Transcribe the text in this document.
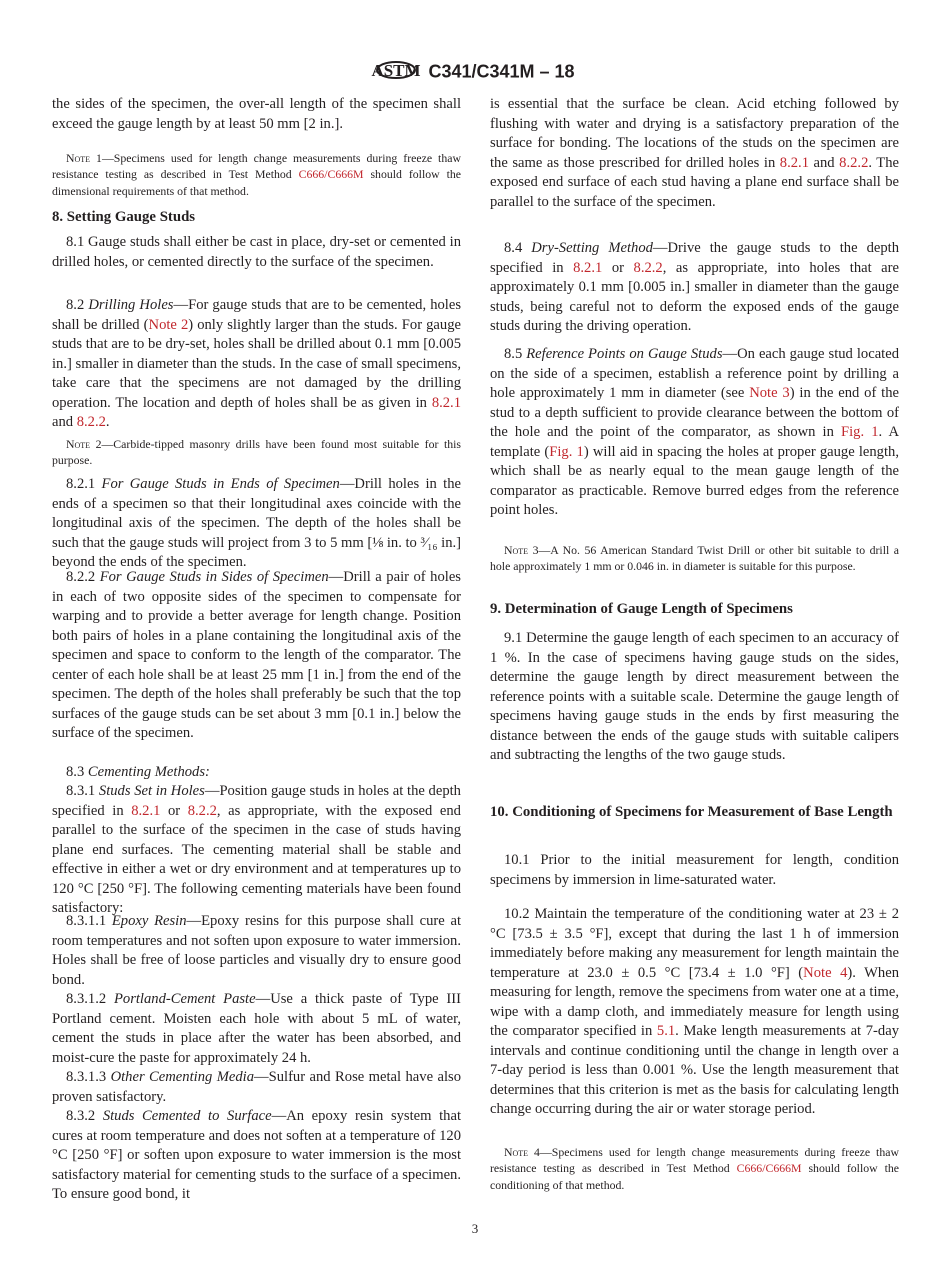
ASTM C341/C341M – 18
the sides of the specimen, the over-all length of the specimen shall exceed the gauge length by at least 50 mm [2 in.].
Note 1—Specimens used for length change measurements during freeze thaw resistance testing as described in Test Method C666/C666M should follow the dimensional requirements of that method.
8. Setting Gauge Studs
8.1 Gauge studs shall either be cast in place, dry-set or cemented in drilled holes, or cemented directly to the surface of the specimen.
8.2 Drilling Holes—For gauge studs that are to be cemented, holes shall be drilled (Note 2) only slightly larger than the studs. For gauge studs that are to be dry-set, holes shall be drilled about 0.1 mm [0.005 in.] smaller in diameter than the studs. In the case of small specimens, take care that the specimens are not damaged by the drilling operation. The location and depth of holes shall be as given in 8.2.1 and 8.2.2.
Note 2—Carbide-tipped masonry drills have been found most suitable for this purpose.
8.2.1 For Gauge Studs in Ends of Specimen—Drill holes in the ends of a specimen so that their longitudinal axes coincide with the longitudinal axis of the specimen. The depth of the holes shall be such that the gauge studs will project from 3 to 5 mm [⅛ in. to ³⁄₁₆ in.] beyond the ends of the specimen.
8.2.2 For Gauge Studs in Sides of Specimen—Drill a pair of holes in each of two opposite sides of the specimen to compensate for warping and to provide a better average for length change. Position both pairs of holes in a plane containing the longitudinal axis of the specimen and space to conform to the length of the comparator. The center of each hole shall be at least 25 mm [1 in.] from the end of the specimen. The depth of the holes shall preferably be such that the top surfaces of the gauge studs can be set about 3 mm [0.1 in.] below the surface of the specimen.
8.3 Cementing Methods:
8.3.1 Studs Set in Holes—Position gauge studs in holes at the depth specified in 8.2.1 or 8.2.2, as appropriate, with the exposed end parallel to the surface of the specimen in the case of studs having plane end surfaces. The cementing material shall be stable and effective in either a wet or dry environment and at temperatures up to 120 °C [250 °F]. The following cementing materials have been found satisfactory:
8.3.1.1 Epoxy Resin—Epoxy resins for this purpose shall cure at room temperatures and not soften upon exposure to water immersion. Holes shall be free of loose particles and visually dry to ensure good bond.
8.3.1.2 Portland-Cement Paste—Use a thick paste of Type III Portland cement. Moisten each hole with about 5 mL of water, cement the studs in place after the water has been absorbed, and moist-cure the paste for approximately 24 h.
8.3.1.3 Other Cementing Media—Sulfur and Rose metal have also proven satisfactory.
8.3.2 Studs Cemented to Surface—An epoxy resin system that cures at room temperature and does not soften at a temperature of 120 °C [250 °F] or soften upon exposure to water immersion is the most satisfactory material for cementing studs to the surface of a specimen. To ensure good bond, it
is essential that the surface be clean. Acid etching followed by flushing with water and drying is a satisfactory preparation of the surface for bonding. The locations of the studs on the specimen are the same as those prescribed for drilled holes in 8.2.1 and 8.2.2. The exposed end surface of each stud having a plane end surface shall be parallel to the surface of the specimen.
8.4 Dry-Setting Method—Drive the gauge studs to the depth specified in 8.2.1 or 8.2.2, as appropriate, into holes that are approximately 0.1 mm [0.005 in.] smaller in diameter than the gauge studs, being careful not to deform the exposed ends of the gauge studs during the driving operation.
8.5 Reference Points on Gauge Studs—On each gauge stud located on the side of a specimen, establish a reference point by drilling a hole approximately 1 mm in diameter (see Note 3) in the end of the stud to a depth sufficient to provide clearance between the bottom of the hole and the point of the comparator, as shown in Fig. 1. A template (Fig. 1) will aid in spacing the holes at proper gauge length, which shall be as nearly equal to the mean gauge length of the comparator as practicable. Remove burred edges from the reference point holes.
Note 3—A No. 56 American Standard Twist Drill or other bit suitable to drill a hole approximately 1 mm or 0.046 in. in diameter is suitable for this purpose.
9. Determination of Gauge Length of Specimens
9.1 Determine the gauge length of each specimen to an accuracy of 1 %. In the case of specimens having gauge studs on the sides, determine the gauge length by direct measurement between the reference points with a suitable scale. Determine the gauge length of specimens having gauge studs in the ends by first measuring the distance between the ends of the gauge studs with suitable calipers and subtracting the lengths of the two gauge studs.
10. Conditioning of Specimens for Measurement of Base Length
10.1 Prior to the initial measurement for length, condition specimens by immersion in lime-saturated water.
10.2 Maintain the temperature of the conditioning water at 23 ± 2 °C [73.5 ± 3.5 °F], except that during the last 1 h of immersion immediately before making any measurement for length maintain the temperature at 23.0 ± 0.5 °C [73.4 ± 1.0 °F] (Note 4). When measuring for length, remove the specimens from water one at a time, wipe with a damp cloth, and immediately measure for length using the comparator specified in 5.1. Make length measurements at 7-day intervals and continue conditioning until the change in length over a 7-day period is less than 0.001 %. Use the length measurement that determines that this criterion is met as the basis for calculating length change occurring during the air or water storage period.
Note 4—Specimens used for length change measurements during freeze thaw resistance testing as described in Test Method C666/C666M should follow the conditioning of that method.
3
